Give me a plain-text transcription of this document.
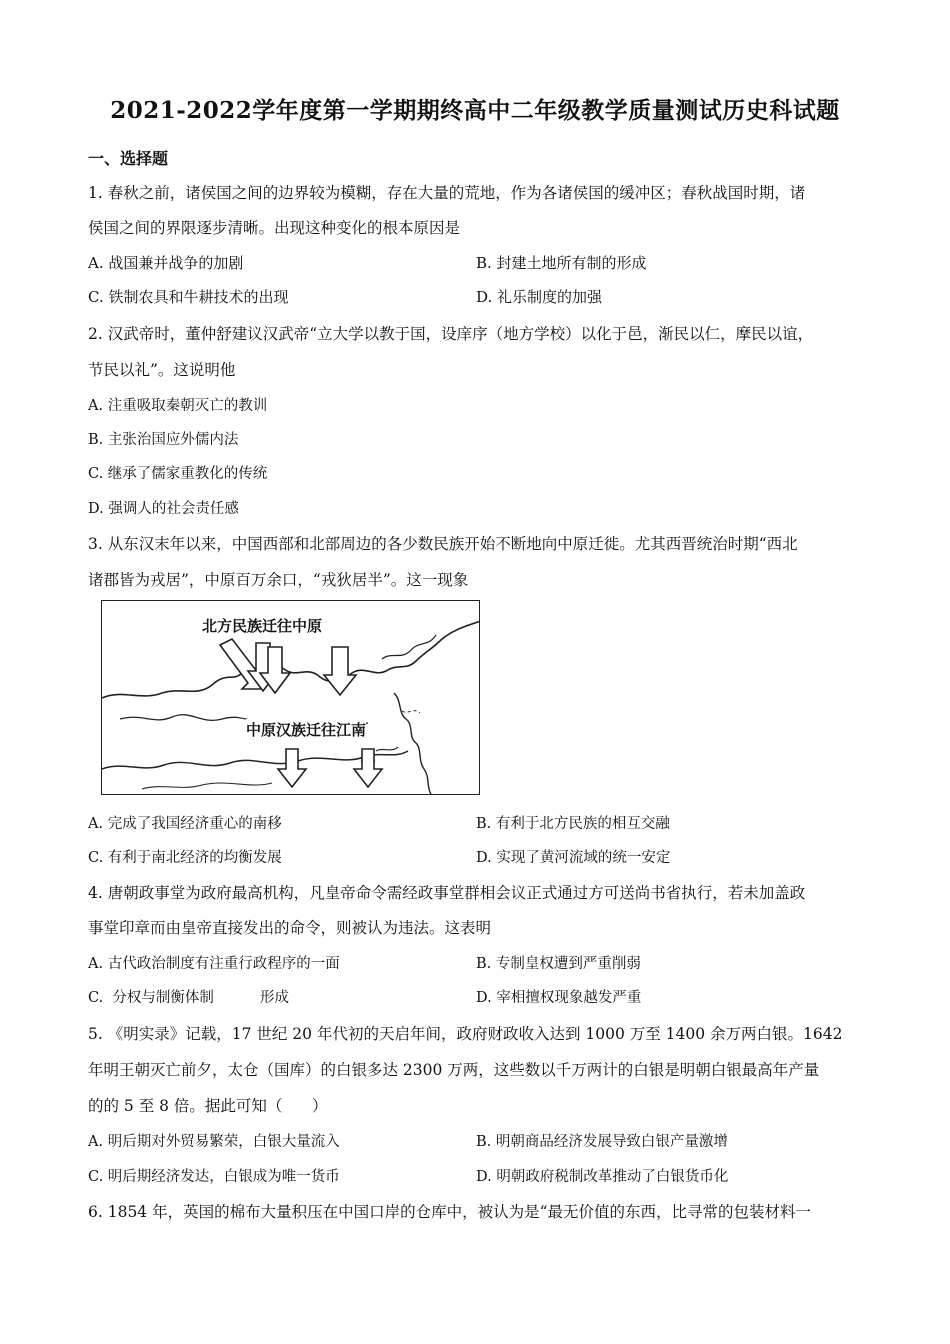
2021-2022学年度第一学期期终高中二年级教学质量测试历史科试题
一、选择题
1. 春秋之前，诸侯国之间的边界较为模糊，存在大量的荒地，作为各诸侯国的缓冲区；春秋战国时期，诸
侯国之间的界限逐步清晰。出现这种变化的根本原因是
A. 战国兼并战争的加剧	B. 封建土地所有制的形成
C. 铁制农具和牛耕技术的出现	D. 礼乐制度的加强
2. 汉武帝时，董仲舒建议汉武帝“立大学以教于国，设庠序（地方学校）以化于邑，渐民以仁，摩民以谊，
节民以礼”。这说明他
A. 注重吸取秦朝灭亡的教训
B. 主张治国应外儒内法
C. 继承了儒家重教化的传统
D. 强调人的社会责任感
3. 从东汉末年以来，中国西部和北部周边的各少数民族开始不断地向中原迁徙。尤其西晋统治时期“西北
诸郡皆为戎居”，中原百万余口，“戎狄居半”。这一现象
北方民族迁往中原
中原汉族迁往江南
A. 完成了我国经济重心的南移	B. 有利于北方民族的相互交融
C. 有利于南北经济的均衡发展	D. 实现了黄河流域的统一安定
4. 唐朝政事堂为政府最高机构，凡皇帝命令需经政事堂群相会议正式通过方可送尚书省执行，若未加盖政
事堂印章而由皇帝直接发出的命令，则被认为违法。这表明
A. 古代政治制度有注重行政程序的一面	B. 专制皇权遭到严重削弱
C.  分权与制衡体制          形成	D. 宰相擅权现象越发严重
5. 《明实录》记载，17 世纪 20 年代初的天启年间，政府财政收入达到 1000 万至 1400 余万两白银。1642
年明王朝灭亡前夕，太仓（国库）的白银多达 2300 万两，这些数以千万两计的白银是明朝白银最高年产量
的的 5 至 8 倍。据此可知（      ）
A. 明后期对外贸易繁荣，白银大量流入	B. 明朝商品经济发展导致白银产量激增
C. 明后期经济发达，白银成为唯一货币	D. 明朝政府税制改革推动了白银货币化
6. 1854 年，英国的棉布大量积压在中国口岸的仓库中，被认为是“最无价值的东西，比寻常的包装材料一
